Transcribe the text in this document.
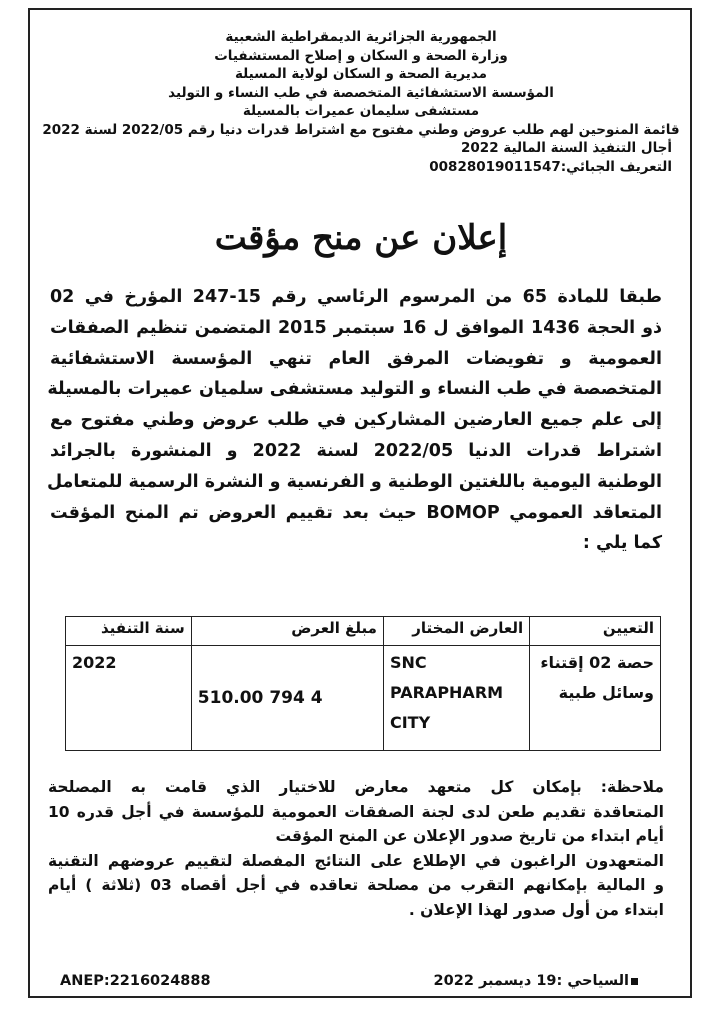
الجمهورية الجزائرية الديمقراطية الشعبية
وزارة الصحة و السكان و إصلاح المستشفيات
مديرية الصحة و السكان لولاية المسيلة
المؤسسة الاستشفائية المتخصصة في طب النساء و التوليد
مستشفى سليمان عميرات بالمسيلة
قائمة المنوحين لهم طلب عروض وطني مفتوح مع اشتراط قدرات دنيا رقم 2022/05 لسنة 2022
أجال التنفيذ السنة المالية 2022
التعريف الجبائي:00828019011547
إعلان عن منح مؤقت
طبقا للمادة 65 من المرسوم الرئاسي رقم 15-247 المؤرخ في 02
ذو الحجة 1436 الموافق ل 16 سبتمبر 2015 المتضمن تنظيم الصفقات
العمومية و تفويضات المرفق العام تنهي المؤسسة الاستشفائية
المتخصصة في طب النساء و التوليد مستشفى سلميان عميرات بالمسيلة
إلى علم جميع العارضين المشاركين في طلب عروض وطني مفتوح مع
اشتراط قدرات الدنيا 2022/05 لسنة 2022 و المنشورة بالجرائد
الوطنية اليومية باللغتين الوطنية و الفرنسية و النشرة الرسمية للمتعامل
المتعاقد العمومي BOMOP حيث بعد تقييم العروض تم المنح المؤقت
كما يلي :
التعيين	العارض المختار	مبلغ العرض	سنة التنفيذ
حصة 02 إقتناء وسائل طبية	SNC PARAPHARM CITY	4 794 510.00	2022
ملاحظة: بإمكان كل متعهد معارض للاختيار الذي قامت به المصلحة
المتعاقدة تقديم طعن لدى لجنة الصفقات العمومية للمؤسسة في أجل قدره 10
أيام ابتداء من تاريخ صدور الإعلان عن المنح المؤقت
المتعهدون الراغبون في الإطلاع على النتائج المفصلة لتقييم عروضهم التقنية
و المالية بإمكانهم التقرب من مصلحة تعاقده في أجل أقصاه 03 (ثلاثة ) أيام
ابتداء من أول صدور لهذا الإعلان .
ANEP:2216024888	السياحي :19 ديسمبر 2022
